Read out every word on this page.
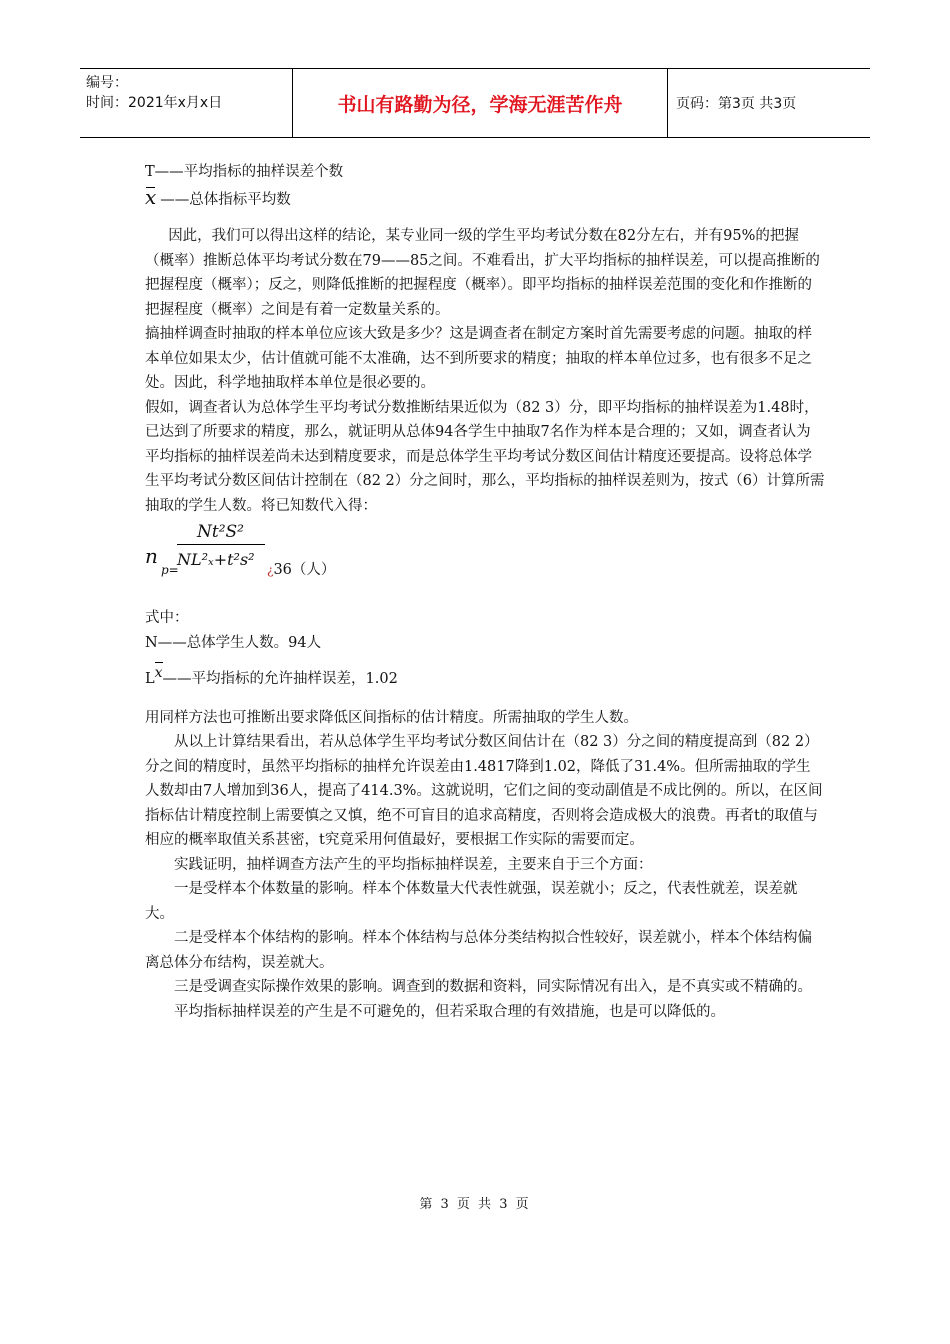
编号：
时间：2021年x月x日	书山有路勤为径，学海无涯苦作舟	页码：第3页 共3页

T——平均指标的抽样误差个数

x ——总体指标平均数

因此，我们可以得出这样的结论，某专业同一级的学生平均考试分数在82分左右，并有95%的把握（概率）推断总体平均考试分数在79——85之间。不难看出，扩大平均指标的抽样误差，可以提高推断的把握程度（概率）；反之，则降低推断的把握程度（概率）。即平均指标的抽样误差范围的变化和作推断的把握程度（概率）之间是有着一定数量关系的。

搞抽样调查时抽取的样本单位应该大致是多少？这是调查者在制定方案时首先需要考虑的问题。抽取的样本单位如果太少，估计值就可能不太准确，达不到所要求的精度；抽取的样本单位过多，也有很多不足之处。因此，科学地抽取样本单位是很必要的。

假如，调查者认为总体学生平均考试分数推断结果近似为（82 3）分，即平均指标的抽样误差为1.48时，已达到了所要求的精度，那么，就证明从总体94各学生中抽取7名作为样本是合理的；又如，调查者认为平均指标的抽样误差尚未达到精度要求，而是总体学生平均考试分数区间估计精度还要提高。设将总体学生平均考试分数区间估计控制在（82 2）分之间时，那么，平均指标的抽样误差则为，按式（6）计算所需抽取的学生人数。将已知数代入得：

Nt²S²
n
p=
NL²ₓ+t²s²
¿36（人）

式中：

N——总体学生人数。94人

Lx——平均指标的允许抽样误差，1.02

用同样方法也可推断出要求降低区间指标的估计精度。所需抽取的学生人数。

从以上计算结果看出，若从总体学生平均考试分数区间估计在（82 3）分之间的精度提高到（82 2）分之间的精度时，虽然平均指标的抽样允许误差由1.4817降到1.02，降低了31.4%。但所需抽取的学生人数却由7人增加到36人，提高了414.3%。这就说明，它们之间的变动副值是不成比例的。所以，在区间指标估计精度控制上需要慎之又慎，绝不可盲目的追求高精度，否则将会造成极大的浪费。再者t的取值与相应的概率取值关系甚密，t究竟采用何值最好，要根据工作实际的需要而定。

实践证明，抽样调查方法产生的平均指标抽样误差，主要来自于三个方面：

一是受样本个体数量的影响。样本个体数量大代表性就强，误差就小；反之，代表性就差，误差就大。

二是受样本个体结构的影响。样本个体结构与总体分类结构拟合性较好，误差就小，样本个体结构偏离总体分布结构，误差就大。

三是受调查实际操作效果的影响。调查到的数据和资料，同实际情况有出入，是不真实或不精确的。

平均指标抽样误差的产生是不可避免的，但若采取合理的有效措施，也是可以降低的。

第 3 页 共 3 页
